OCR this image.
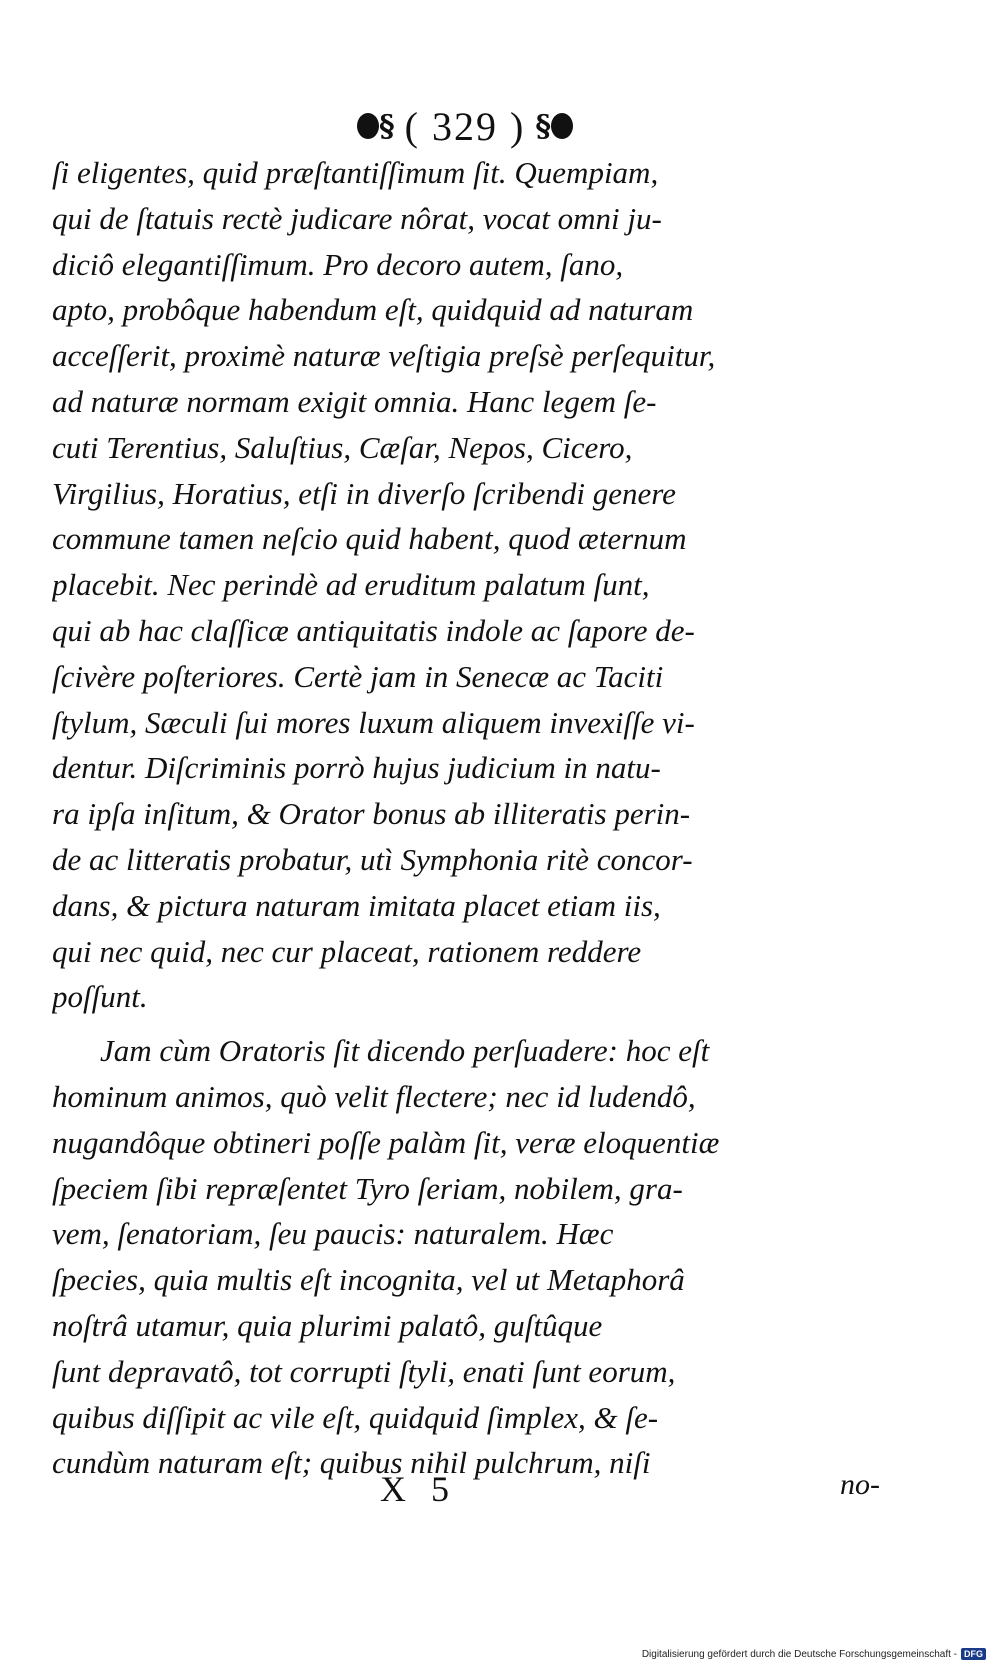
§ ( 329 ) §
ſi eligentes, quid præſtantiſſimum ſit. Quempiam,
qui de ſtatuis rectè judicare nôrat, vocat omni ju-
diciô elegantiſſimum. Pro decoro autem, ſano,
apto, probôque habendum eſt, quidquid ad naturam
acceſſerit, proximè naturæ veſtigia preſsè perſequitur,
ad naturæ normam exigit omnia. Hanc legem ſe-
cuti Terentius, Saluſtius, Cæſar, Nepos, Cicero,
Virgilius, Horatius, etſi in diverſo ſcribendi genere
commune tamen neſcio quid habent, quod æternum
placebit. Nec perindè ad eruditum palatum ſunt,
qui ab hac claſſicæ antiquitatis indole ac ſapore de-
ſcivère poſteriores. Certè jam in Senecæ ac Taciti
ſtylum, Sæculi ſui mores luxum aliquem invexiſſe vi-
dentur. Diſcriminis porrò hujus judicium in natu-
ra ipſa inſitum, & Orator bonus ab illiteratis perin-
de ac litteratis probatur, utì Symphonia ritè concor-
dans, & pictura naturam imitata placet etiam iis,
qui nec quid, nec cur placeat, rationem reddere
poſſunt.
Jam cùm Oratoris ſit dicendo perſuadere: hoc eſt
hominum animos, quò velit flectere; nec id ludendô,
nugandôque obtineri poſſe palàm ſit, veræ eloquentiæ
ſpeciem ſibi repræſentet Tyro ſeriam, nobilem, gra-
vem, ſenatoriam, ſeu paucis: naturalem. Hæc
ſpecies, quia multis eſt incognita, vel ut Metaphorâ
noſtrâ utamur, quia plurimi palatô, guſtûque
ſunt depravatô, tot corrupti ſtyli, enati ſunt eorum,
quibus diſſipit ac vile eſt, quidquid ſimplex, & ſe-
cundùm naturam eſt; quibus nihil pulchrum, niſi
X 5	no-
Digitalisierung gefördert durch die Deutsche Forschungsgemeinschaft - DFG
